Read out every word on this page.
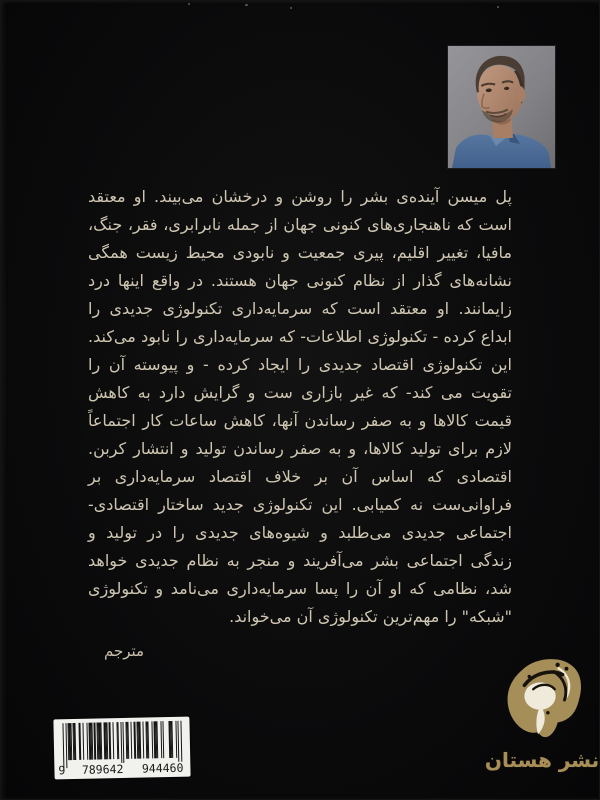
پل میسن آینده‌ی بشر را روشن و درخشان می‌بیند. او معتقد
است که ناهنجاری‌های کنونی جهان از جمله نابرابری، فقر، جنگ،
مافیا، تغییر اقلیم، پیری جمعیت و نابودی محیط زیست همگی
نشانه‌های گذار از نظام کنونی جهان هستند. در واقع اینها درد
زایمانند. او معتقد است که سرمایه‌داری تکنولوژی جدیدی را
ابداع کرده - تکنولوژی اطلاعات- که سرمایه‌داری را نابود می‌کند.
این تکنولوژی اقتصاد جدیدی را ایجاد کرده - و پیوسته آن را
تقویت می کند- که غیر بازاری ست و گرایش دارد به کاهش
قیمت کالاها و به صفر رساندن آنها، کاهش ساعات کار اجتماعاً
لازم برای تولید کالاها، و به صفر رساندن تولید و انتشار کربن.
اقتصادی که اساس آن بر خلاف اقتصاد سرمایه‌داری بر
فراوانی‌ست نه کمیابی. این تکنولوژی جدید ساختار اقتصادی-
اجتماعی جدیدی می‌طلبد و شیوه‌های جدیدی را در تولید و
زندگی اجتماعی بشر می‌آفریند و منجر به نظام جدیدی خواهد
شد، نظامی که او آن را پسا سرمایه‌داری می‌نامد و تکنولوژی
"شبکه" را مهم‌ترین تکنولوژی آن می‌خواند.
مترجم
9 789642 944460	نشر هستان
